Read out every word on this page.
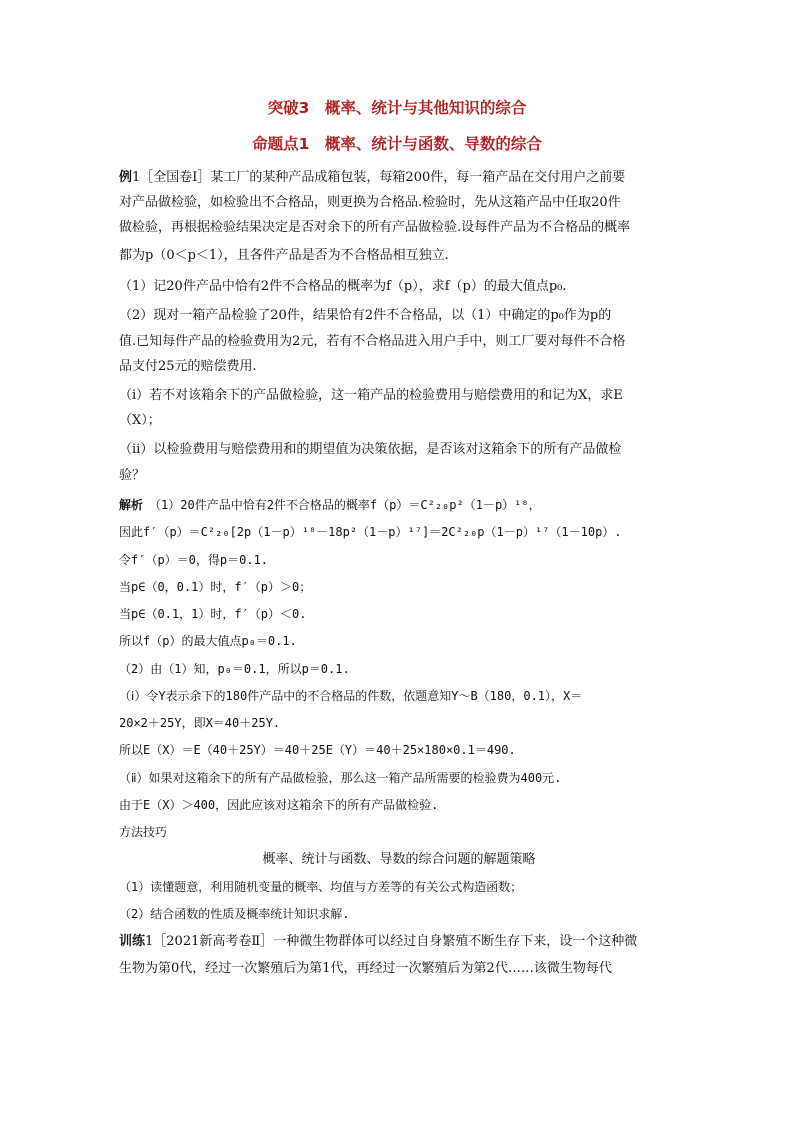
突破3　概率、统计与其他知识的综合
命题点1　概率、统计与函数、导数的综合
例1［全国卷Ⅰ］某工厂的某种产品成箱包装，每箱200件，每一箱产品在交付用户之前要
对产品做检验，如检验出不合格品，则更换为合格品.检验时，先从这箱产品中任取20件
做检验，再根据检验结果决定是否对余下的所有产品做检验.设每件产品为不合格品的概率
都为p（0＜p＜1），且各件产品是否为不合格品相互独立.
（1）记20件产品中恰有2件不合格品的概率为f（p），求f（p）的最大值点p₀.
（2）现对一箱产品检验了20件，结果恰有2件不合格品，以（1）中确定的p₀作为p的
值.已知每件产品的检验费用为2元，若有不合格品进入用户手中，则工厂要对每件不合格
品支付25元的赔偿费用.
（ⅰ）若不对该箱余下的产品做检验，这一箱产品的检验费用与赔偿费用的和记为X，求E
（X）；
（ⅱ）以检验费用与赔偿费用和的期望值为决策依据，是否该对这箱余下的所有产品做检
验？
解析　（1）20件产品中恰有2件不合格品的概率f（p）＝C²₂₀p²（1－p）¹⁸，
因此f′（p）＝C²₂₀[2p（1－p）¹⁸－18p²（1－p）¹⁷]＝2C²₂₀p（1－p）¹⁷（1－10p）.
令f′（p）＝0，得p＝0.1.
当p∈（0，0.1）时，f′（p）＞0；
当p∈（0.1，1）时，f′（p）＜0.
所以f（p）的最大值点p₀＝0.1.
（2）由（1）知，p₀＝0.1，所以p＝0.1.
（ⅰ）令Y表示余下的180件产品中的不合格品的件数，依题意知Y～B（180，0.1），X＝
20×2＋25Y，即X＝40＋25Y.
所以E（X）＝E（40＋25Y）＝40＋25E（Y）＝40＋25×180×0.1＝490.
（ⅱ）如果对这箱余下的所有产品做检验，那么这一箱产品所需要的检验费为400元.
由于E（X）＞400，因此应该对这箱余下的所有产品做检验.
方法技巧
概率、统计与函数、导数的综合问题的解题策略
（1）读懂题意，利用随机变量的概率、均值与方差等的有关公式构造函数；
（2）结合函数的性质及概率统计知识求解.
训练1［2021新高考卷Ⅱ］一种微生物群体可以经过自身繁殖不断生存下来，设一个这种微
生物为第0代，经过一次繁殖后为第1代，再经过一次繁殖后为第2代……该微生物每代
